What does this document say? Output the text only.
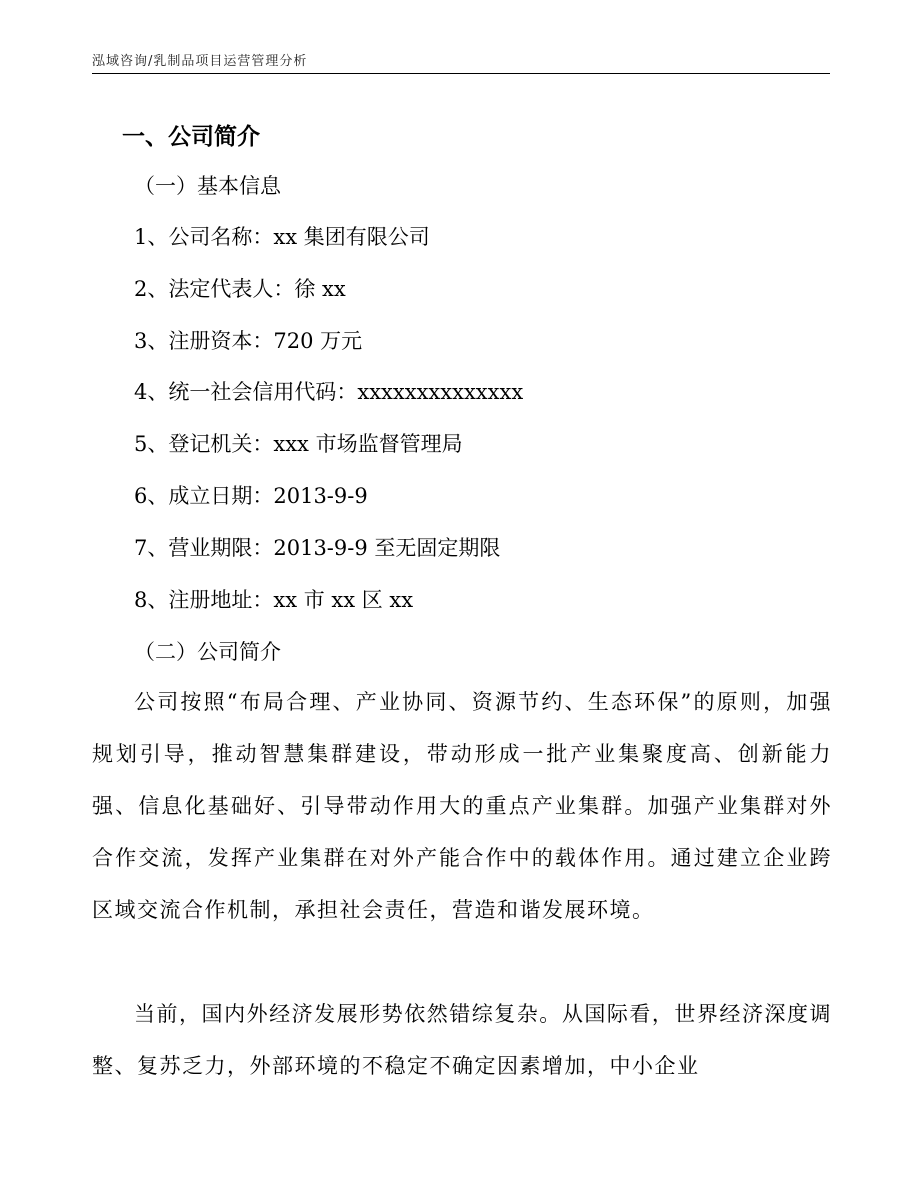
泓域咨询/乳制品项目运营管理分析
一、公司简介
（一）基本信息
1、公司名称：xx 集团有限公司
2、法定代表人：徐 xx
3、注册资本：720 万元
4、统一社会信用代码：xxxxxxxxxxxxxx
5、登记机关：xxx 市场监督管理局
6、成立日期：2013-9-9
7、营业期限：2013-9-9 至无固定期限
8、注册地址：xx 市 xx 区 xx
（二）公司简介
公司按照“布局合理、产业协同、资源节约、生态环保”的原则，加强规划引导，推动智慧集群建设，带动形成一批产业集聚度高、创新能力强、信息化基础好、引导带动作用大的重点产业集群。加强产业集群对外合作交流，发挥产业集群在对外产能合作中的载体作用。通过建立企业跨区域交流合作机制，承担社会责任，营造和谐发展环境。
当前，国内外经济发展形势依然错综复杂。从国际看，世界经济深度调整、复苏乏力，外部环境的不稳定不确定因素增加，中小企业
